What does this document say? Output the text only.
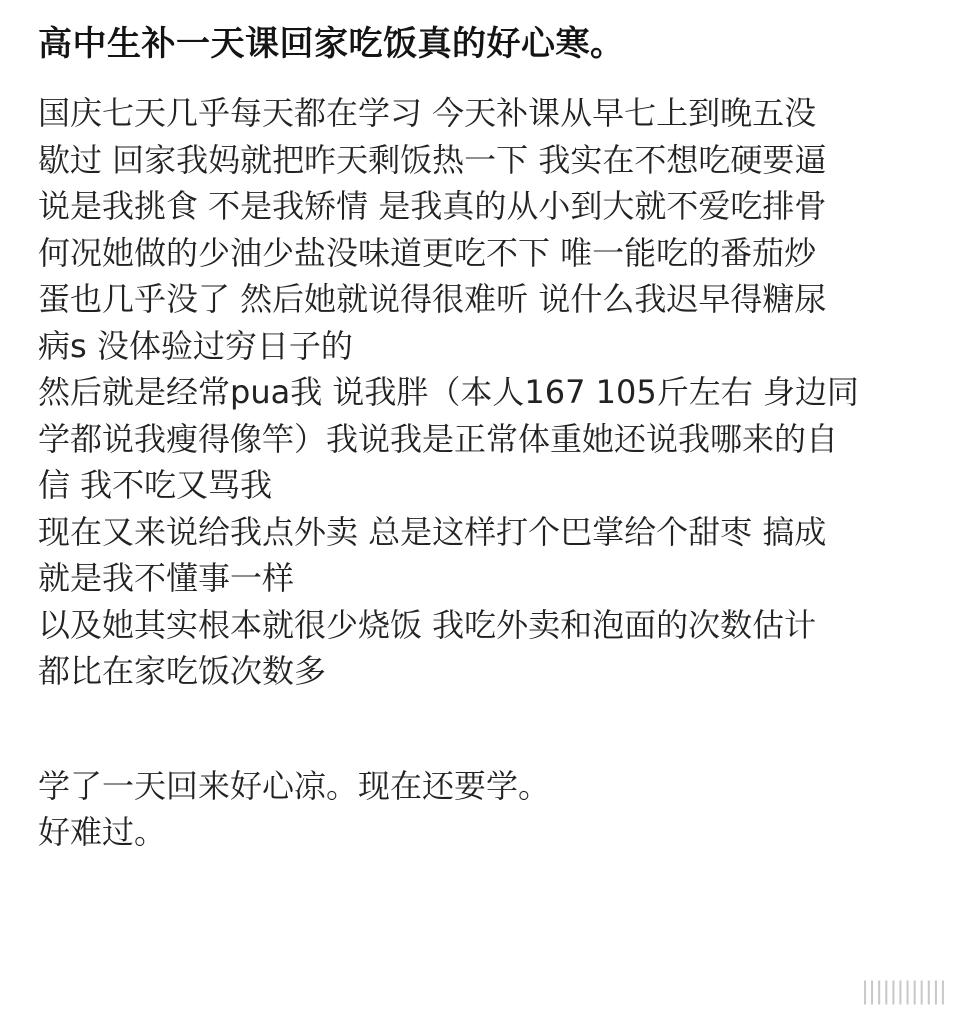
高中生补一天课回家吃饭真的好心寒。
国庆七天几乎每天都在学习 今天补课从早七上到晚五没
歇过 回家我妈就把昨天剩饭热一下 我实在不想吃硬要逼
说是我挑食 不是我矫情 是我真的从小到大就不爱吃排骨
何况她做的少油少盐没味道更吃不下 唯一能吃的番茄炒
蛋也几乎没了 然后她就说得很难听 说什么我迟早得糖尿
病s 没体验过穷日子的
然后就是经常pua我 说我胖（本人167 105斤左右 身边同
学都说我瘦得像竿）我说我是正常体重她还说我哪来的自
信 我不吃又骂我
现在又来说给我点外卖 总是这样打个巴掌给个甜枣 搞成
就是我不懂事一样
以及她其实根本就很少烧饭 我吃外卖和泡面的次数估计
都比在家吃饭次数多
学了一天回来好心凉。现在还要学。
好难过。
||||||||||||
